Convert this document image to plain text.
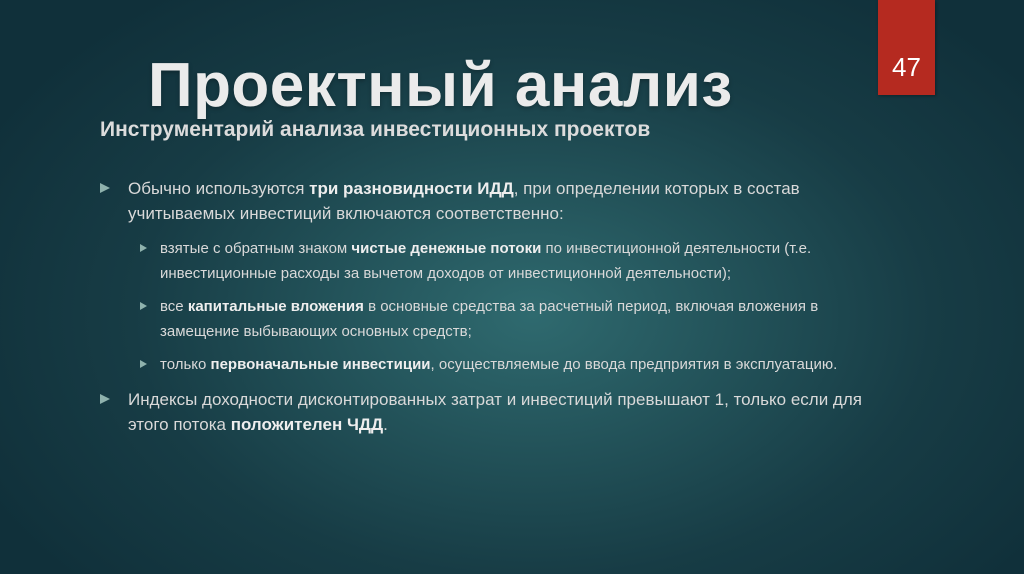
47
Проектный анализ
Инструментарий анализа инвестиционных проектов
Обычно используются три разновидности ИДД, при определении которых в состав учитываемых инвестиций включаются соответственно:
взятые с обратным знаком чистые денежные потоки по инвестиционной деятельности (т.е. инвестиционные расходы за вычетом доходов от инвестиционной деятельности);
все капитальные вложения в основные средства за расчетный период, включая вложения в замещение выбывающих основных средств;
только первоначальные инвестиции, осуществляемые до ввода предприятия в эксплуатацию.
Индексы доходности дисконтированных затрат и инвестиций превышают 1, только если для этого потока положителен ЧДД.
